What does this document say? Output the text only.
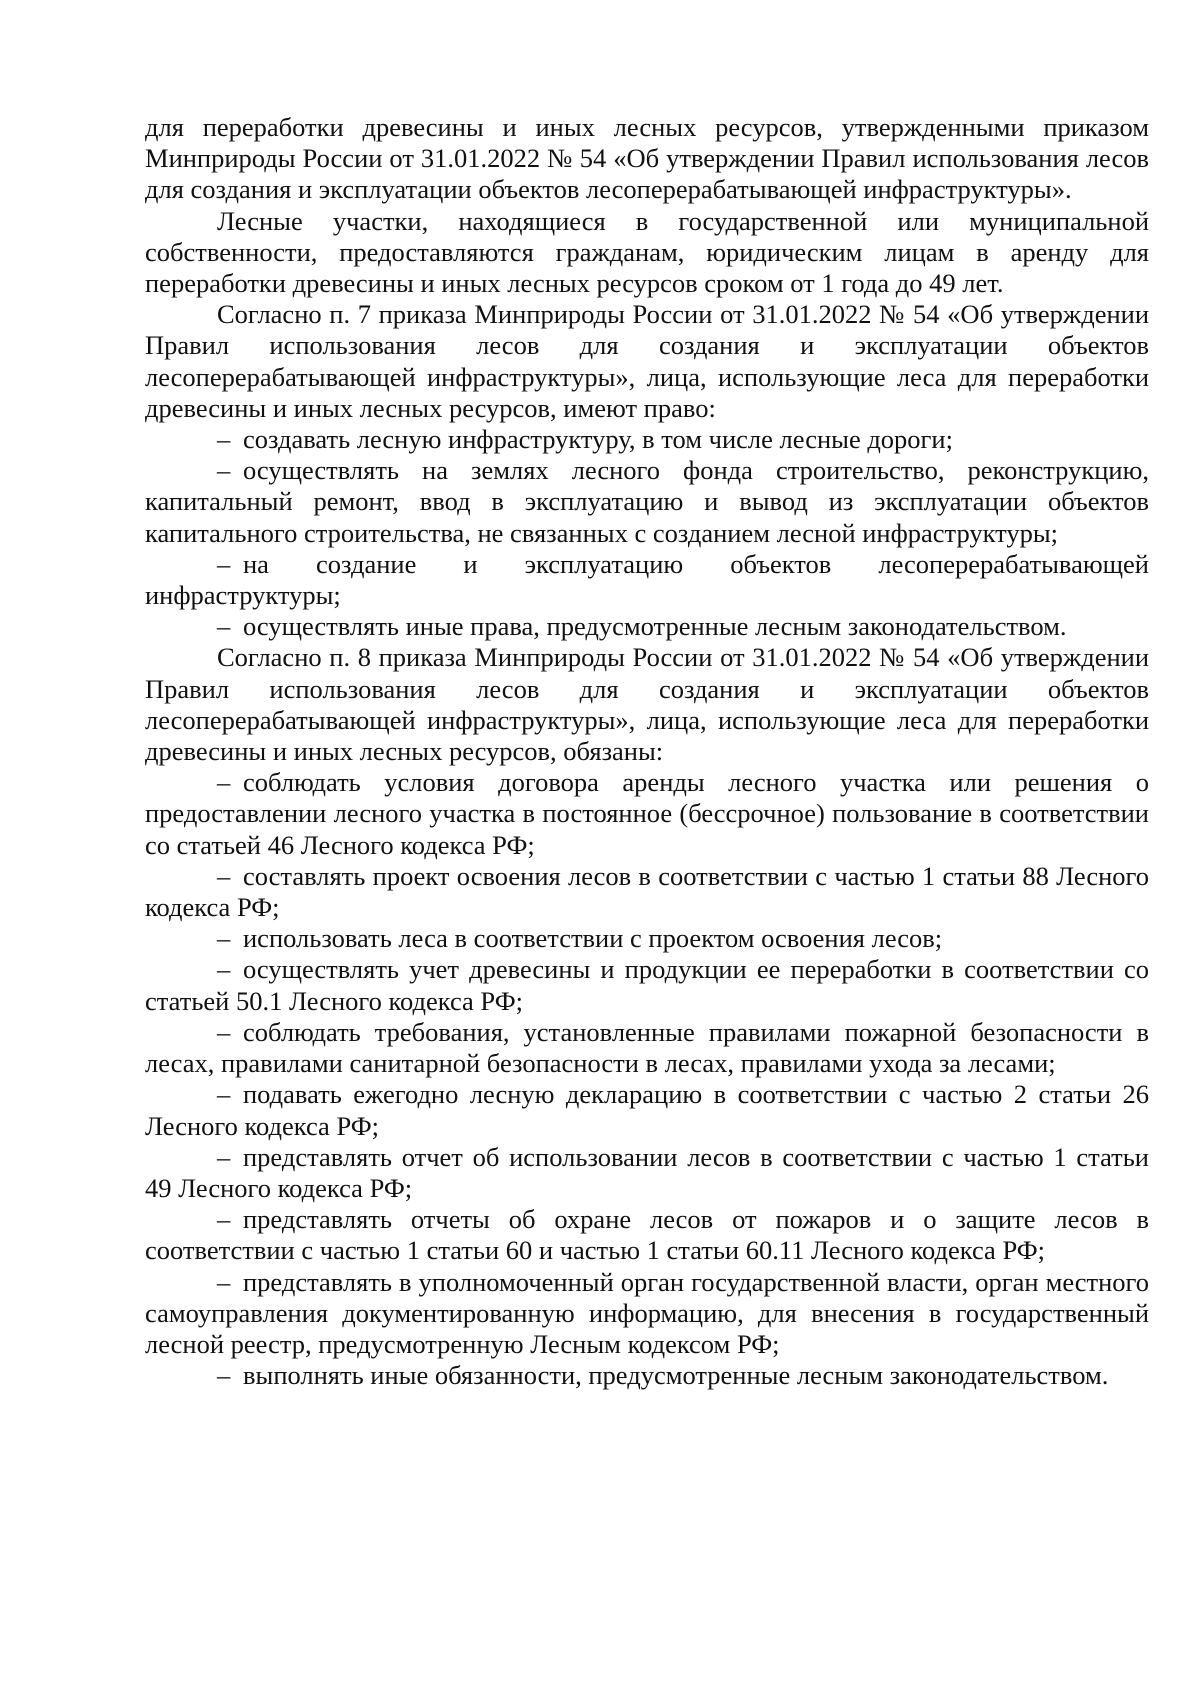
для переработки древесины и иных лесных ресурсов, утвержденными приказом Минприроды России от 31.01.2022 № 54 «Об утверждении Правил использования лесов для создания и эксплуатации объектов лесоперерабатывающей инфраструктуры».

Лесные участки, находящиеся в государственной или муниципальной собственности, предоставляются гражданам, юридическим лицам в аренду для переработки древесины и иных лесных ресурсов сроком от 1 года до 49 лет.

Согласно п. 7 приказа Минприроды России от 31.01.2022 № 54 «Об утверждении Правил использования лесов для создания и эксплуатации объектов лесоперерабатывающей инфраструктуры», лица, использующие леса для переработки древесины и иных лесных ресурсов, имеют право:

– создавать лесную инфраструктуру, в том числе лесные дороги;

– осуществлять на землях лесного фонда строительство, реконструкцию, капитальный ремонт, ввод в эксплуатацию и вывод из эксплуатации объектов капитального строительства, не связанных с созданием лесной инфраструктуры;

– на создание и эксплуатацию объектов лесоперерабатывающей инфраструктуры;

– осуществлять иные права, предусмотренные лесным законодательством.

Согласно п. 8 приказа Минприроды России от 31.01.2022 № 54 «Об утверждении Правил использования лесов для создания и эксплуатации объектов лесоперерабатывающей инфраструктуры», лица, использующие леса для переработки древесины и иных лесных ресурсов, обязаны:

– соблюдать условия договора аренды лесного участка или решения о предоставлении лесного участка в постоянное (бессрочное) пользование в соответствии со статьей 46 Лесного кодекса РФ;

– составлять проект освоения лесов в соответствии с частью 1 статьи 88 Лесного кодекса РФ;

– использовать леса в соответствии с проектом освоения лесов;

– осуществлять учет древесины и продукции ее переработки в соответствии со статьей 50.1 Лесного кодекса РФ;

– соблюдать требования, установленные правилами пожарной безопасности в лесах, правилами санитарной безопасности в лесах, правилами ухода за лесами;

– подавать ежегодно лесную декларацию в соответствии с частью 2 статьи 26 Лесного кодекса РФ;

– представлять отчет об использовании лесов в соответствии с частью 1 статьи 49 Лесного кодекса РФ;

– представлять отчеты об охране лесов от пожаров и о защите лесов в соответствии с частью 1 статьи 60 и частью 1 статьи 60.11 Лесного кодекса РФ;

– представлять в уполномоченный орган государственной власти, орган местного самоуправления документированную информацию, для внесения в государственный лесной реестр, предусмотренную Лесным кодексом РФ;

– выполнять иные обязанности, предусмотренные лесным законодательством.
